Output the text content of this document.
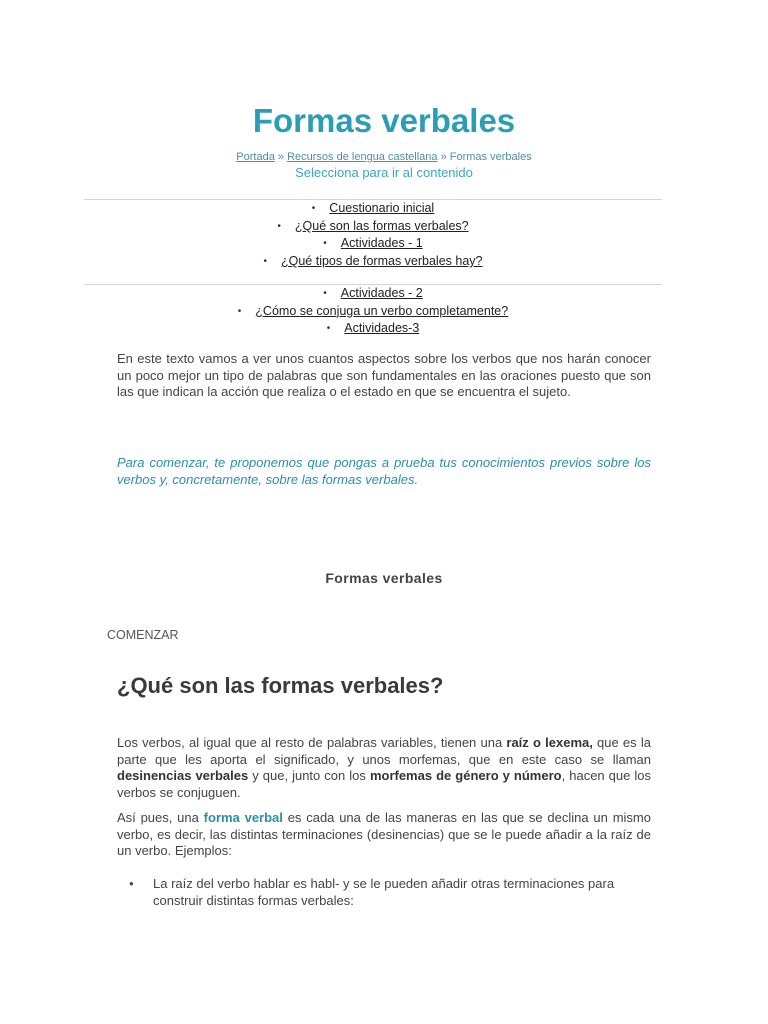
Formas verbales
Portada » Recursos de lengua castellana » Formas verbales
Selecciona para ir al contenido
• Cuestionario inicial
• ¿Qué son las formas verbales?
• Actividades - 1
• ¿Qué tipos de formas verbales hay?
• Actividades - 2
• ¿Cómo se conjuga un verbo completamente?
• Actividades-3

En este texto vamos a ver unos cuantos aspectos sobre los verbos que nos harán conocer un poco mejor un tipo de palabras que son fundamentales en las oraciones puesto que son las que indican la acción que realiza o el estado en que se encuentra el sujeto.

Para comenzar, te proponemos que pongas a prueba tus conocimientos previos sobre los verbos y, concretamente, sobre las formas verbales.

Formas verbales
COMENZAR
¿Qué son las formas verbales?

Los verbos, al igual que al resto de palabras variables, tienen una raíz o lexema, que es la parte que les aporta el significado, y unos morfemas, que en este caso se llaman desinencias verbales y que, junto con los morfemas de género y número, hacen que los verbos se conjuguen.

Así pues, una forma verbal es cada una de las maneras en las que se declina un mismo verbo, es decir, las distintas terminaciones (desinencias) que se le puede añadir a la raíz de un verbo. Ejemplos:

● La raíz del verbo hablar es habl- y se le pueden añadir otras terminaciones para construir distintas formas verbales:
